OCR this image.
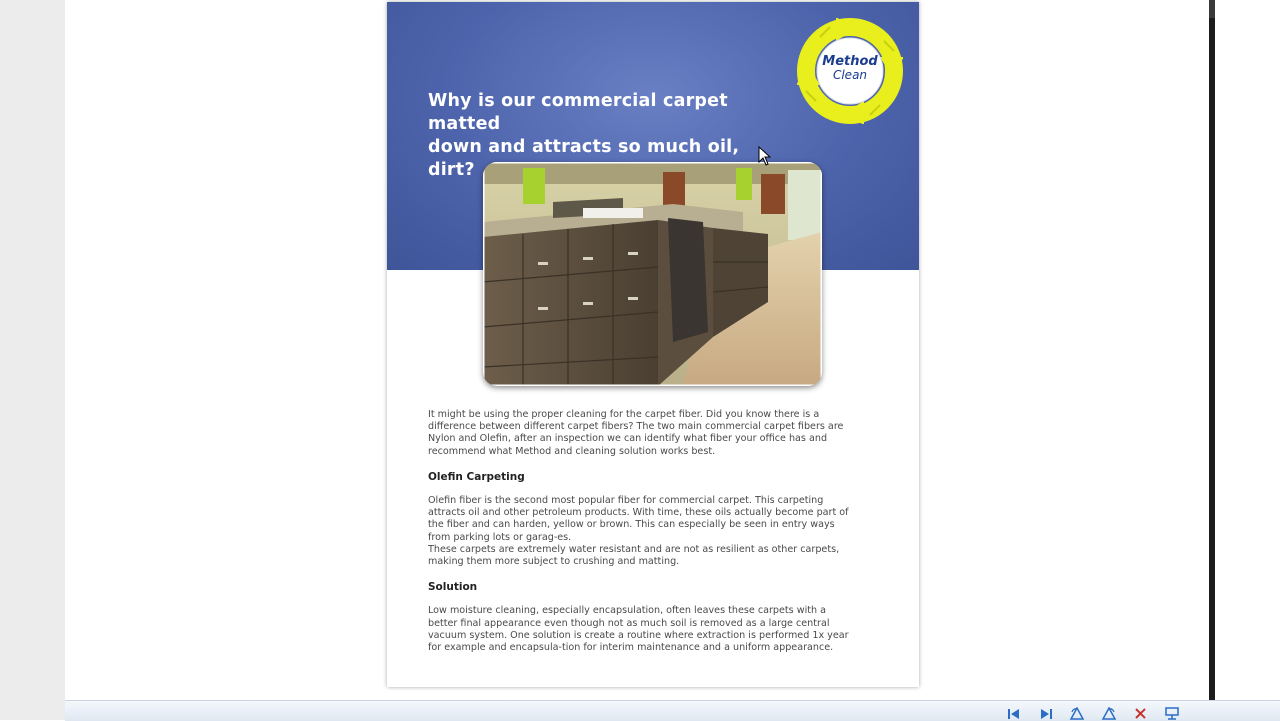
Why is our commercial carpet matted
down and attracts so much oil, dirt?
Method
Clean

It might be using the proper cleaning for the carpet fiber. Did you know there is a difference between different carpet fibers? The two main commercial carpet fibers are Nylon and Olefin, after an inspection we can identify what fiber your office has and recommend what Method and cleaning solution works best.

Olefin Carpeting

Olefin fiber is the second most popular fiber for commercial carpet. This carpeting attracts oil and other petroleum products. With time, these oils actually become part of the fiber and can harden, yellow or brown. This can especially be seen in entry ways from parking lots or garag-es.

These carpets are extremely water resistant and are not as resilient as other carpets, making them more subject to crushing and matting.

Solution

Low moisture cleaning, especially encapsulation, often leaves these carpets with a better final appearance even though not as much soil is removed as a large central vacuum system. One solution is create a routine where extraction is performed 1x year for example and encapsula-tion for interim maintenance and a uniform appearance.
